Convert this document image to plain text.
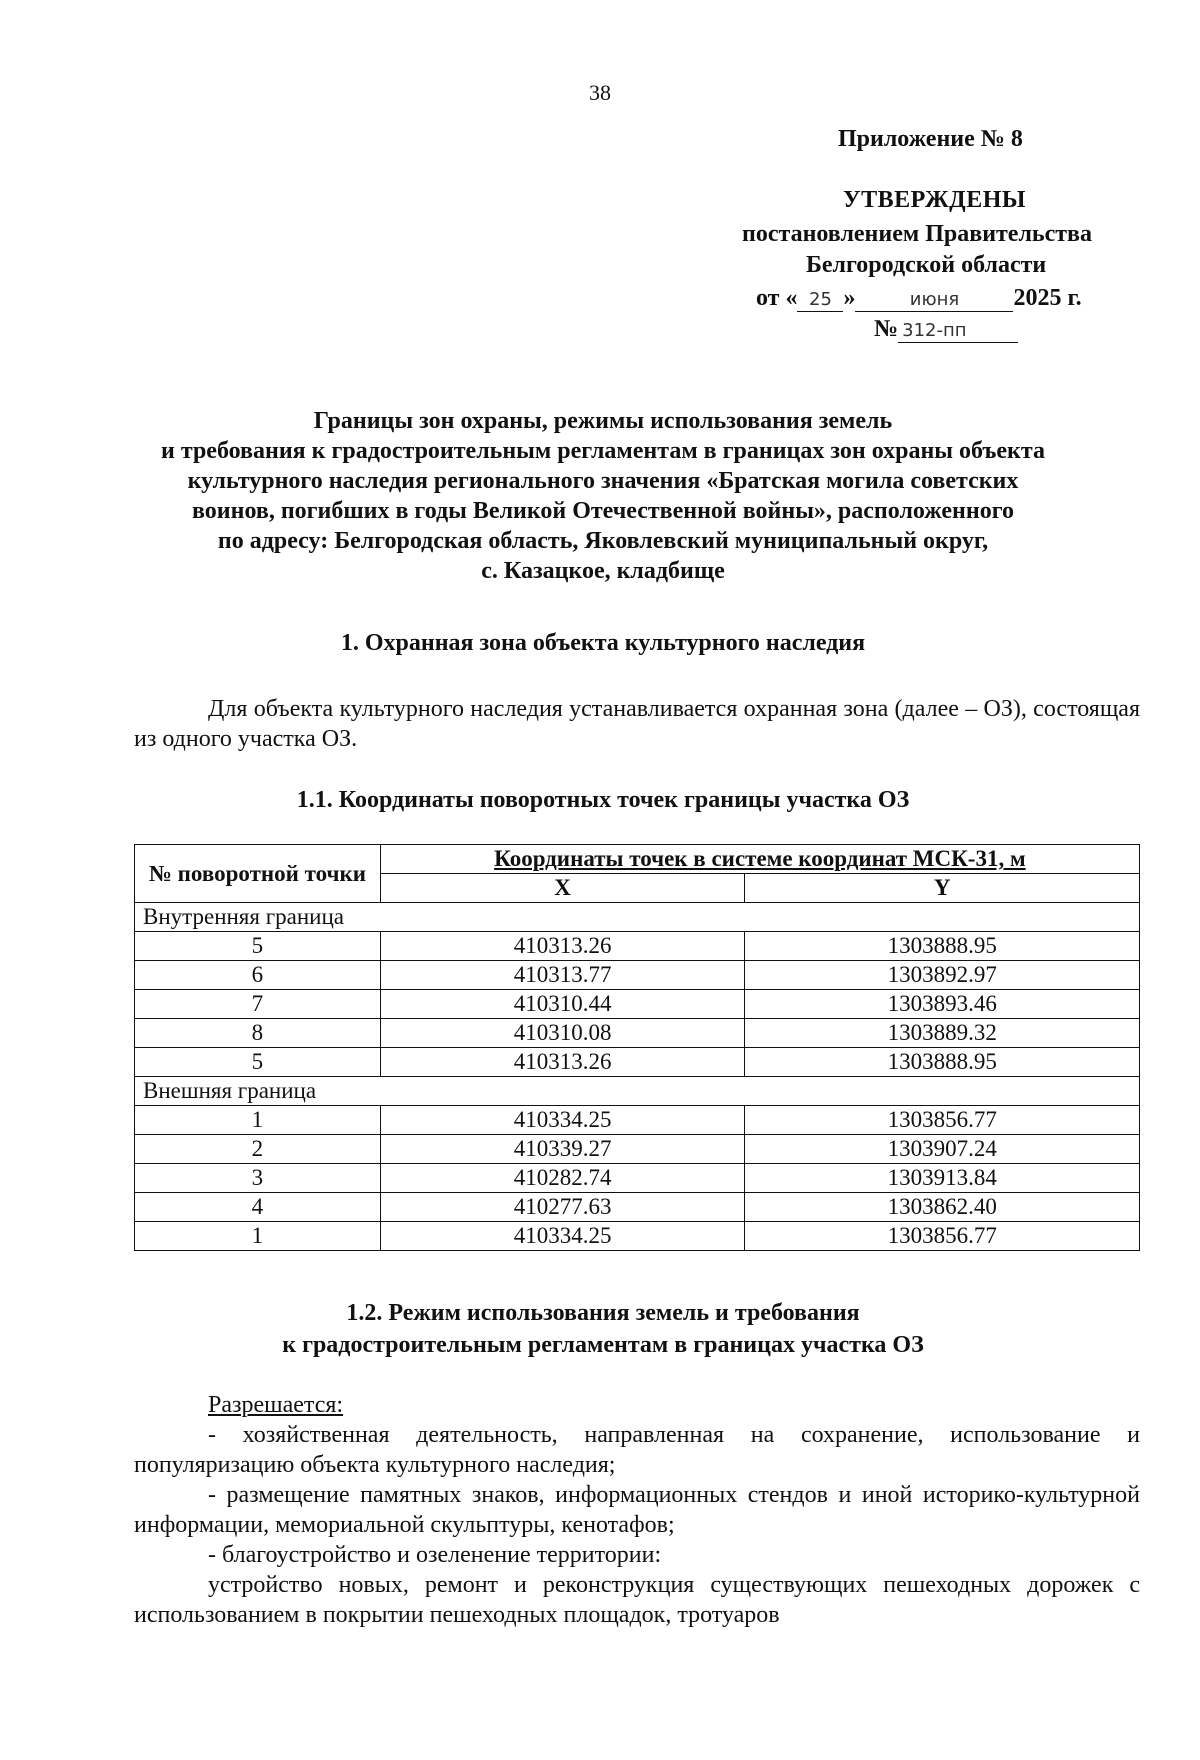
38
Приложение № 8
УТВЕРЖДЕНЫ
постановлением Правительства
Белгородской области
от « 25 »	июня 2025 г.
№ 312-пп
Границы зон охраны, режимы использования земель
и требования к градостроительным регламентам в границах зон охраны объекта
культурного наследия регионального значения «Братская могила советских
воинов, погибших в годы Великой Отечественной войны», расположенного
по адресу: Белгородская область, Яковлевский муниципальный округ,
с. Казацкое, кладбище
1. Охранная зона объекта культурного наследия
Для объекта культурного наследия устанавливается охранная зона (далее – ОЗ), состоящая из одного участка ОЗ.
1.1. Координаты поворотных точек границы участка ОЗ
№ поворотной точки	Координаты точек в системе координат МСК-31, м	
	X	Y
Внутренняя граница		
5	410313.26	1303888.95
6	410313.77	1303892.97
7	410310.44	1303893.46
8	410310.08	1303889.32
5	410313.26	1303888.95
Внешняя граница		
1	410334.25	1303856.77
2	410339.27	1303907.24
3	410282.74	1303913.84
4	410277.63	1303862.40
1	410334.25	1303856.77
1.2. Режим использования земель и требования
к градостроительным регламентам в границах участка ОЗ
Разрешается:

- хозяйственная деятельность, направленная на сохранение, использование и популяризацию объекта культурного наследия;

- размещение памятных знаков, информационных стендов и иной историко-культурной информации, мемориальной скульптуры, кенотафов;

- благоустройство и озеленение территории:

устройство новых, ремонт и реконструкция существующих пешеходных дорожек с использованием в покрытии пешеходных площадок, тротуаров
